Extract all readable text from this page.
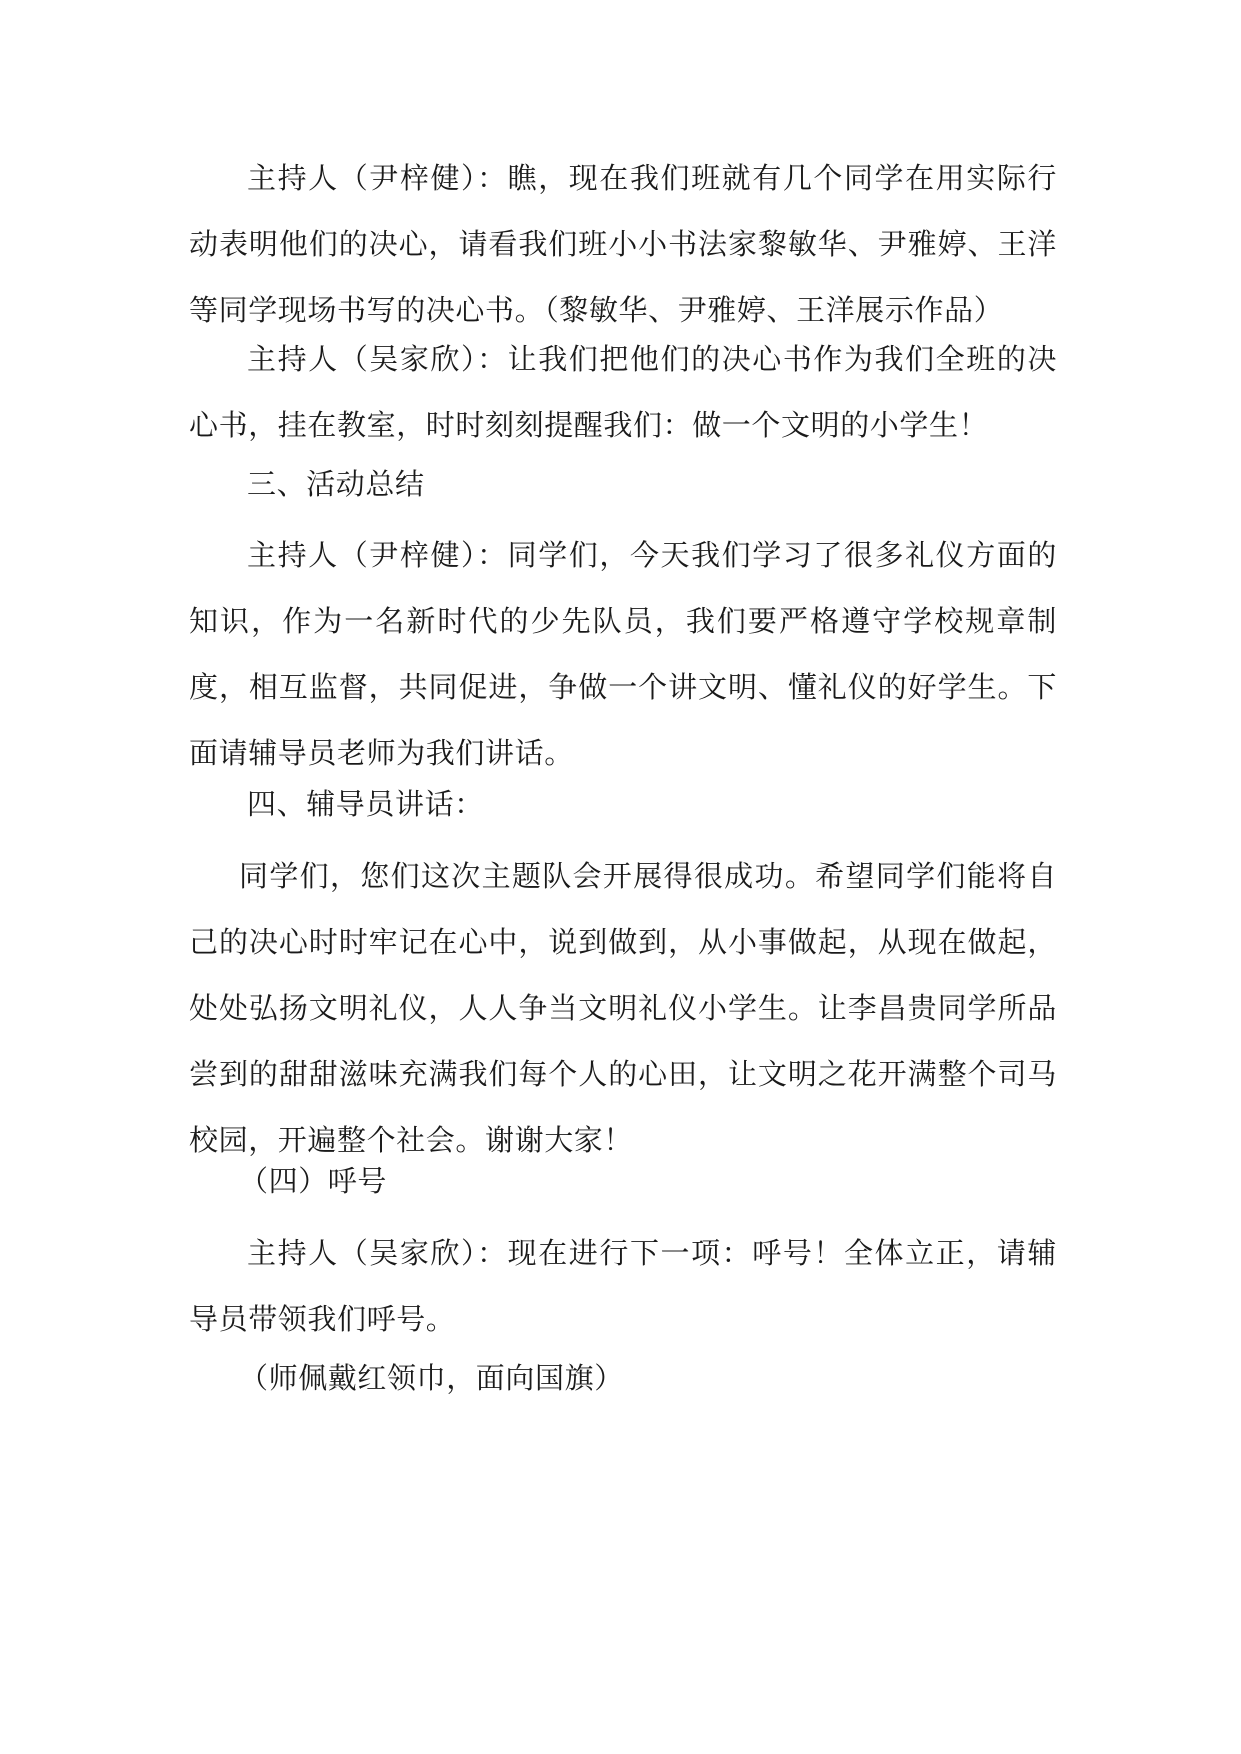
主持人（尹梓健）：瞧，现在我们班就有几个同学在用实际行动表明他们的决心，请看我们班小小书法家黎敏华、尹雅婷、王洋等同学现场书写的决心书。（黎敏华、尹雅婷、王洋展示作品）

主持人（吴家欣）：让我们把他们的决心书作为我们全班的决心书，挂在教室，时时刻刻提醒我们：做一个文明的小学生！

三、活动总结

主持人（尹梓健）：同学们，今天我们学习了很多礼仪方面的知识，作为一名新时代的少先队员，我们要严格遵守学校规章制度，相互监督，共同促进，争做一个讲文明、懂礼仪的好学生。下面请辅导员老师为我们讲话。

四、辅导员讲话：

同学们，您们这次主题队会开展得很成功。希望同学们能将自己的决心时时牢记在心中，说到做到，从小事做起，从现在做起，处处弘扬文明礼仪，人人争当文明礼仪小学生。让李昌贵同学所品尝到的甜甜滋味充满我们每个人的心田，让文明之花开满整个司马校园，开遍整个社会。谢谢大家！

（四）呼号

主持人（吴家欣）：现在进行下一项：呼号！全体立正，请辅导员带领我们呼号。

（师佩戴红领巾，面向国旗）
